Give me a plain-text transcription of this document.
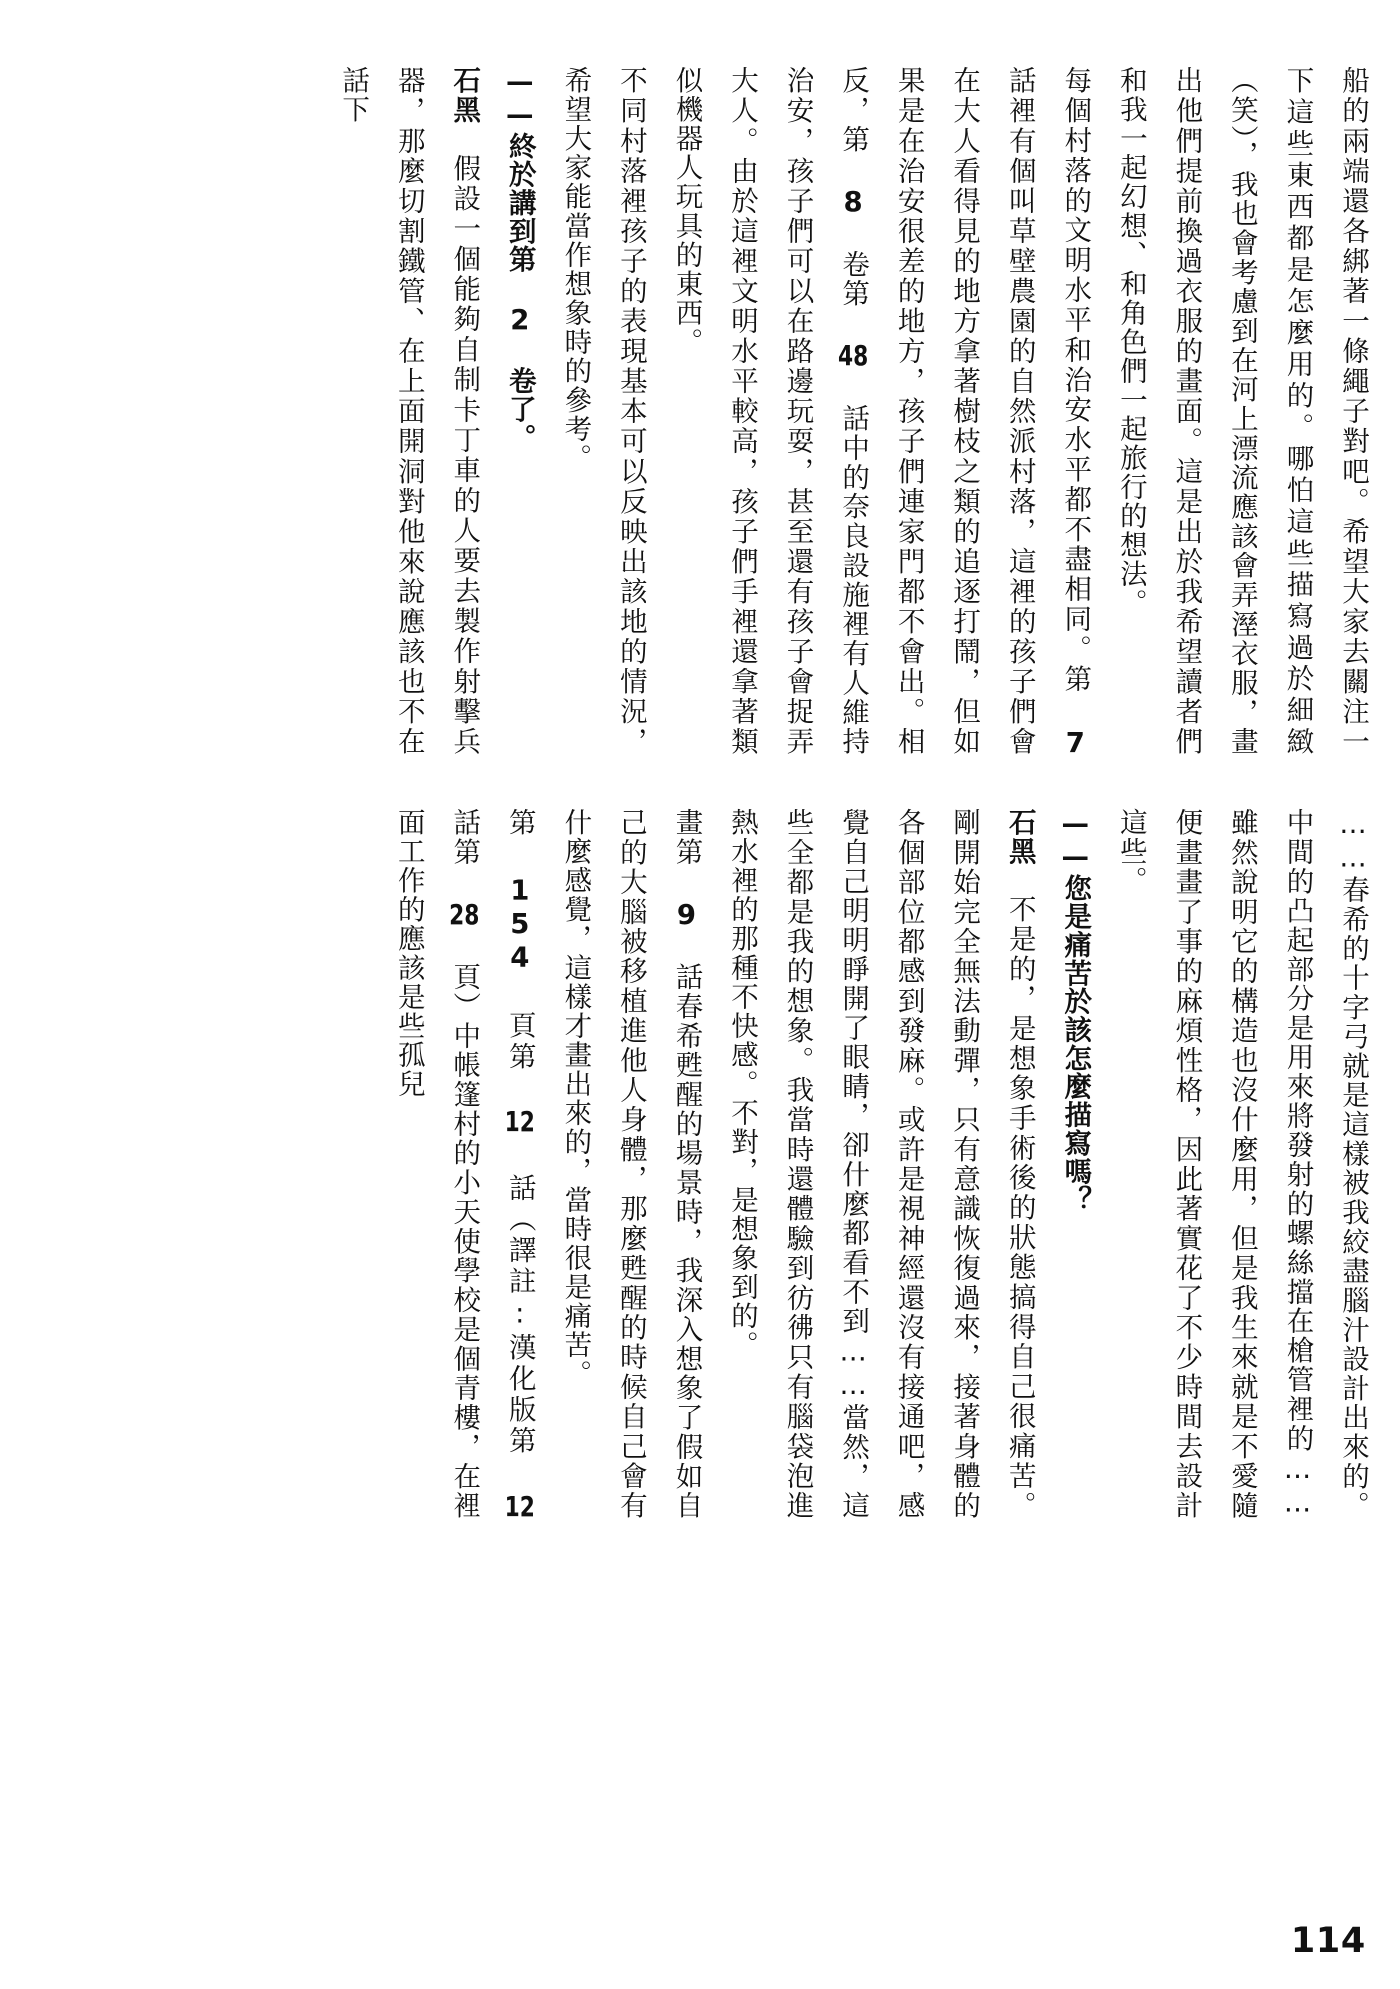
船的兩端還各綁著一條繩子對吧。希望大家去關注一下這些東西都是怎麼用的。哪怕這些描寫過於細緻（笑），我也會考慮到在河上漂流應該會弄溼衣服，畫出他們提前換過衣服的畫面。這是出於我希望讀者們和我一起幻想、和角色們一起旅行的想法。

每個村落的文明水平和治安水平都不盡相同。第 7 話裡有個叫草壁農園的自然派村落，這裡的孩子們會在大人看得見的地方拿著樹枝之類的追逐打鬧，但如果是在治安很差的地方，孩子們連家門都不會出。相反，第 8 卷第 48 話中的奈良設施裡有人維持治安，孩子們可以在路邊玩耍，甚至還有孩子會捉弄大人。由於這裡文明水平較高，孩子們手裡還拿著類似機器人玩具的東西。

不同村落裡孩子的表現基本可以反映出該地的情況，希望大家能當作想象時的參考。

——終於講到第 2 卷了。

石黑假設一個能夠自制卡丁車的人要去製作射擊兵器，那麼切割鐵管、在上面開洞對他來說應該也不在話下

……春希的十字弓就是這樣被我絞盡腦汁設計出來的。中間的凸起部分是用來將發射的螺絲擋在槍管裡的……雖然說明它的構造也沒什麼用，但是我生來就是不愛隨便畫畫了事的麻煩性格，因此著實花了不少時間去設計這些。

——您是痛苦於該怎麼描寫嗎？

石黑不是的，是想象手術後的狀態搞得自己很痛苦。剛開始完全無法動彈，只有意識恢復過來，接著身體的各個部位都感到發麻。或許是視神經還沒有接通吧，感覺自己明明睜開了眼睛，卻什麼都看不到……當然，這些全都是我的想象。我當時還體驗到彷彿只有腦袋泡進熱水裡的那種不快感。不對，是想象到的。

畫第 9 話春希甦醒的場景時，我深入想象了假如自己的大腦被移植進他人身體，那麼甦醒的時候自己會有什麼感覺，這樣才畫出來的，當時很是痛苦。

第 154 頁第 12 話（譯註:漢化版第 12 話第 28 頁）中帳篷村的小天使學校是個青樓，在裡面工作的應該是些孤兒

114
